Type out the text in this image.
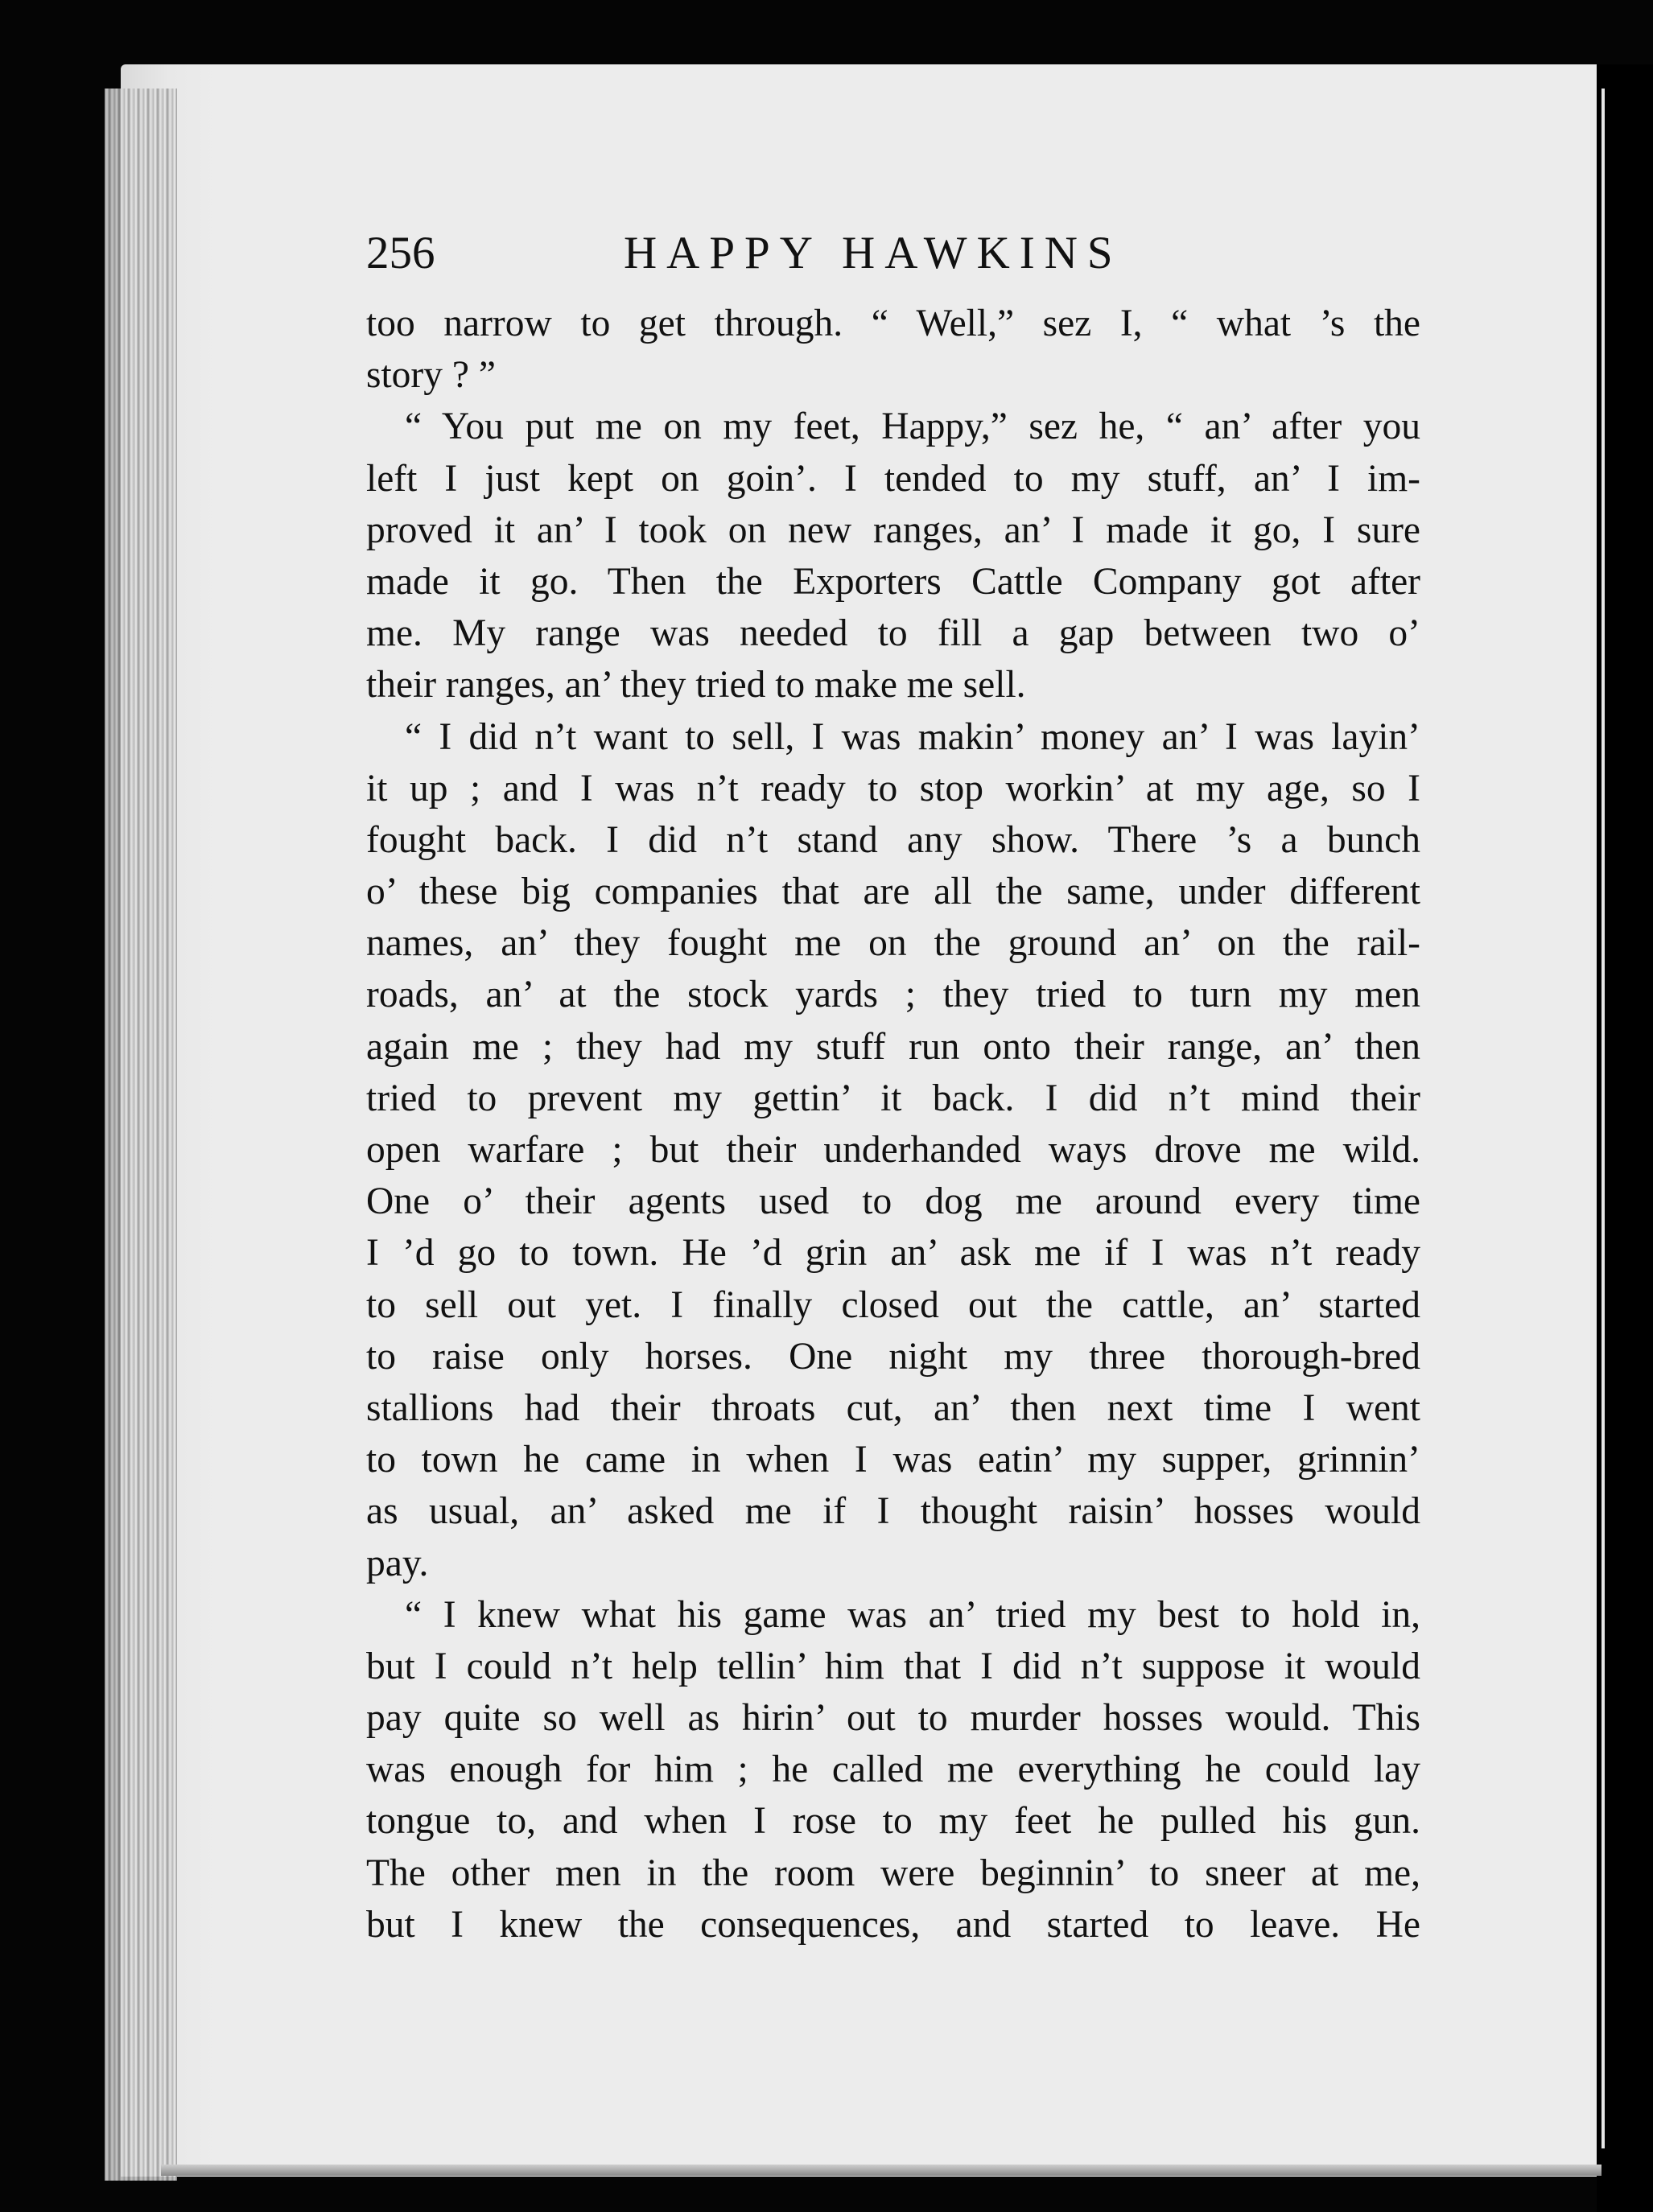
256	HAPPY HAWKINS
too narrow to get through. “ Well,” sez I, “ what ’s the
story ? ”
“ You put me on my feet, Happy,” sez he, “ an’ after you
left I just kept on goin’. I tended to my stuff, an’ I im-
proved it an’ I took on new ranges, an’ I made it go, I sure
made it go. Then the Exporters Cattle Company got after
me. My range was needed to fill a gap between two o’
their ranges, an’ they tried to make me sell.
“ I did n’t want to sell, I was makin’ money an’ I was layin’
it up ; and I was n’t ready to stop workin’ at my age, so I
fought back. I did n’t stand any show. There ’s a bunch
o’ these big companies that are all the same, under different
names, an’ they fought me on the ground an’ on the rail-
roads, an’ at the stock yards ; they tried to turn my men
again me ; they had my stuff run onto their range, an’ then
tried to prevent my gettin’ it back. I did n’t mind their
open warfare ; but their underhanded ways drove me wild.
One o’ their agents used to dog me around every time
I ’d go to town. He ’d grin an’ ask me if I was n’t ready
to sell out yet. I finally closed out the cattle, an’ started
to raise only horses. One night my three thorough-bred
stallions had their throats cut, an’ then next time I went
to town he came in when I was eatin’ my supper, grinnin’
as usual, an’ asked me if I thought raisin’ hosses would
pay.
“ I knew what his game was an’ tried my best to hold in,
but I could n’t help tellin’ him that I did n’t suppose it would
pay quite so well as hirin’ out to murder hosses would. This
was enough for him ; he called me everything he could lay
tongue to, and when I rose to my feet he pulled his gun.
The other men in the room were beginnin’ to sneer at me,
but I knew the consequences, and started to leave. He
